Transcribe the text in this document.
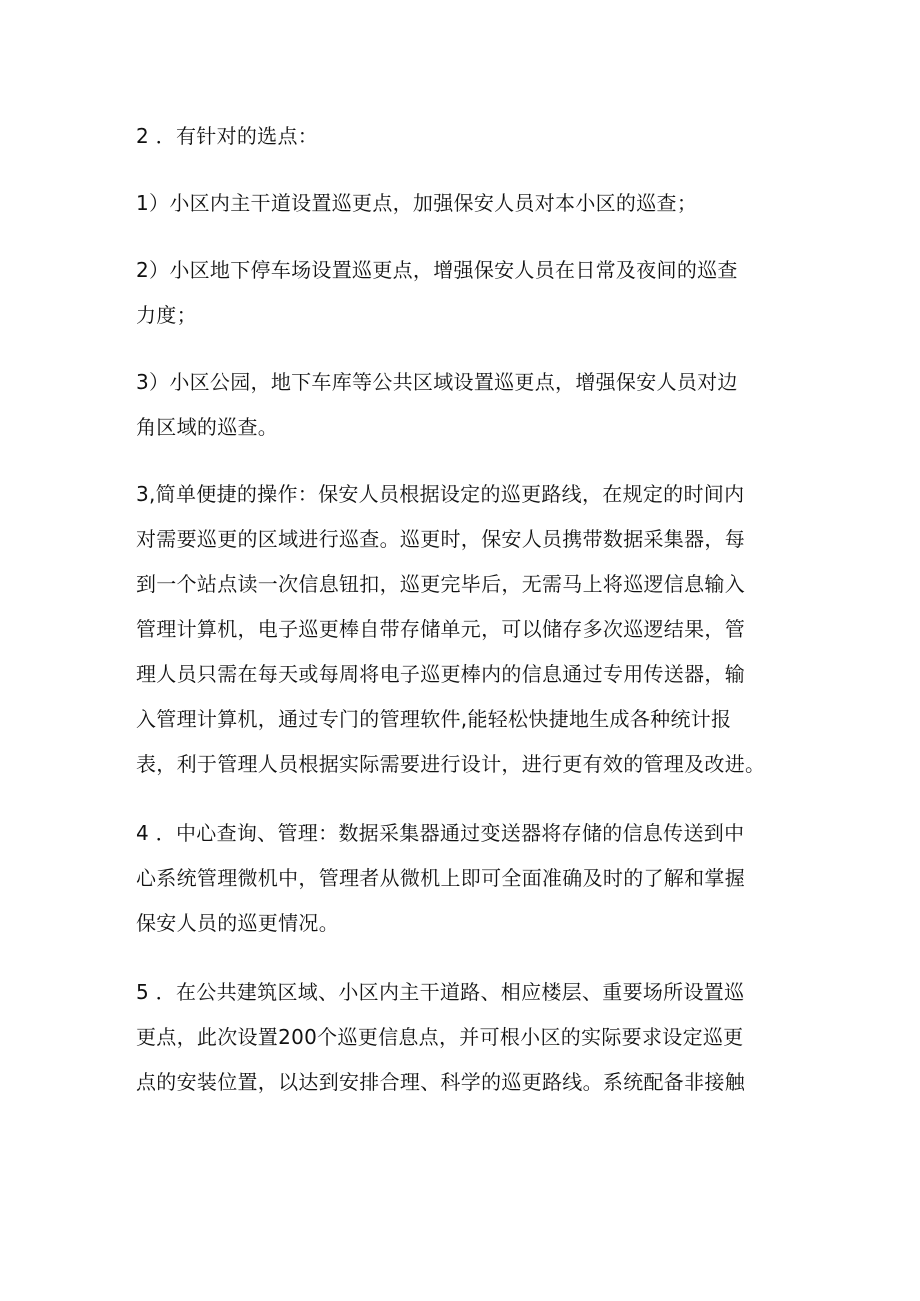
2 ．有针对的选点：
1）小区内主干道设置巡更点，加强保安人员对本小区的巡查；
2）小区地下停车场设置巡更点，增强保安人员在日常及夜间的巡查
力度；
3）小区公园，地下车库等公共区域设置巡更点，增强保安人员对边
角区域的巡查。
3,简单便捷的操作：保安人员根据设定的巡更路线，在规定的时间内
对需要巡更的区域进行巡查。巡更时，保安人员携带数据采集器，每
到一个站点读一次信息钮扣，巡更完毕后，无需马上将巡逻信息输入
管理计算机，电子巡更棒自带存储单元，可以储存多次巡逻结果，管
理人员只需在每天或每周将电子巡更棒内的信息通过专用传送器，输
入管理计算机，通过专门的管理软件,能轻松快捷地生成各种统计报
表，利于管理人员根据实际需要进行设计，进行更有效的管理及改进。
4 ．中心查询、管理：数据采集器通过变送器将存储的信息传送到中
心系统管理微机中，管理者从微机上即可全面准确及时的了解和掌握
保安人员的巡更情况。
5 ．在公共建筑区域、小区内主干道路、相应楼层、重要场所设置巡
更点，此次设置200个巡更信息点，并可根小区的实际要求设定巡更
点的安装位置，以达到安排合理、科学的巡更路线。系统配备非接触
